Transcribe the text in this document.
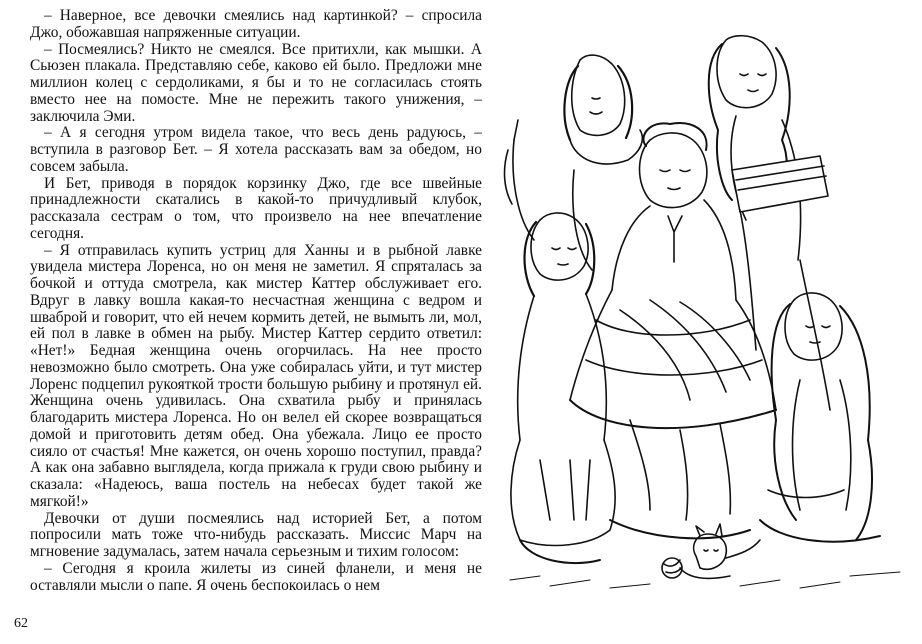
– Наверное, все девочки смеялись над картинкой? – спросила Джо, обожавшая напряженные ситуации.

– Посмеялись? Никто не смеялся. Все притихли, как мышки. А Сьюзен плакала. Представляю себе, каково ей было. Предложи мне миллион колец с сердоликами, я бы и то не согласилась стоять вместо нее на помосте. Мне не пережить такого унижения, – заключила Эми.

– А я сегодня утром видела такое, что весь день радуюсь, – вступила в разговор Бет. – Я хотела рассказать вам за обедом, но совсем забыла.

И Бет, приводя в порядок корзинку Джо, где все швейные принадлежности скатались в какой-то причудливый клубок, рассказала сестрам о том, что произвело на нее впечатление сегодня.

– Я отправилась купить устриц для Ханны и в рыбной лавке увидела мистера Лоренса, но он меня не заметил. Я спряталась за бочкой и оттуда смотрела, как мистер Каттер обслуживает его. Вдруг в лавку вошла какая-то несчастная женщина с ведром и шваброй и говорит, что ей нечем кормить детей, не вымыть ли, мол, ей пол в лавке в обмен на рыбу. Мистер Каттер сердито ответил: «Нет!» Бедная женщина очень огорчилась. На нее просто невозможно было смотреть. Она уже собиралась уйти, и тут мистер Лоренс подцепил рукояткой трости большую рыбину и протянул ей. Женщина очень удивилась. Она схватила рыбу и принялась благодарить мистера Лоренса. Но он велел ей скорее возвращаться домой и приготовить детям обед. Она убежала. Лицо ее просто сияло от счастья! Мне кажется, он очень хорошо поступил, правда? А как она забавно выглядела, когда прижала к груди свою рыбину и сказала: «Надеюсь, ваша постель на небесах будет такой же мягкой!»

Девочки от души посмеялись над историей Бет, а потом попросили мать тоже что-нибудь рассказать. Миссис Марч на мгновение задумалась, затем начала серьезным и тихим голосом:

– Сегодня я кроила жилеты из синей фланели, и меня не оставляли мысли о папе. Я очень беспокоилась о нем

62
